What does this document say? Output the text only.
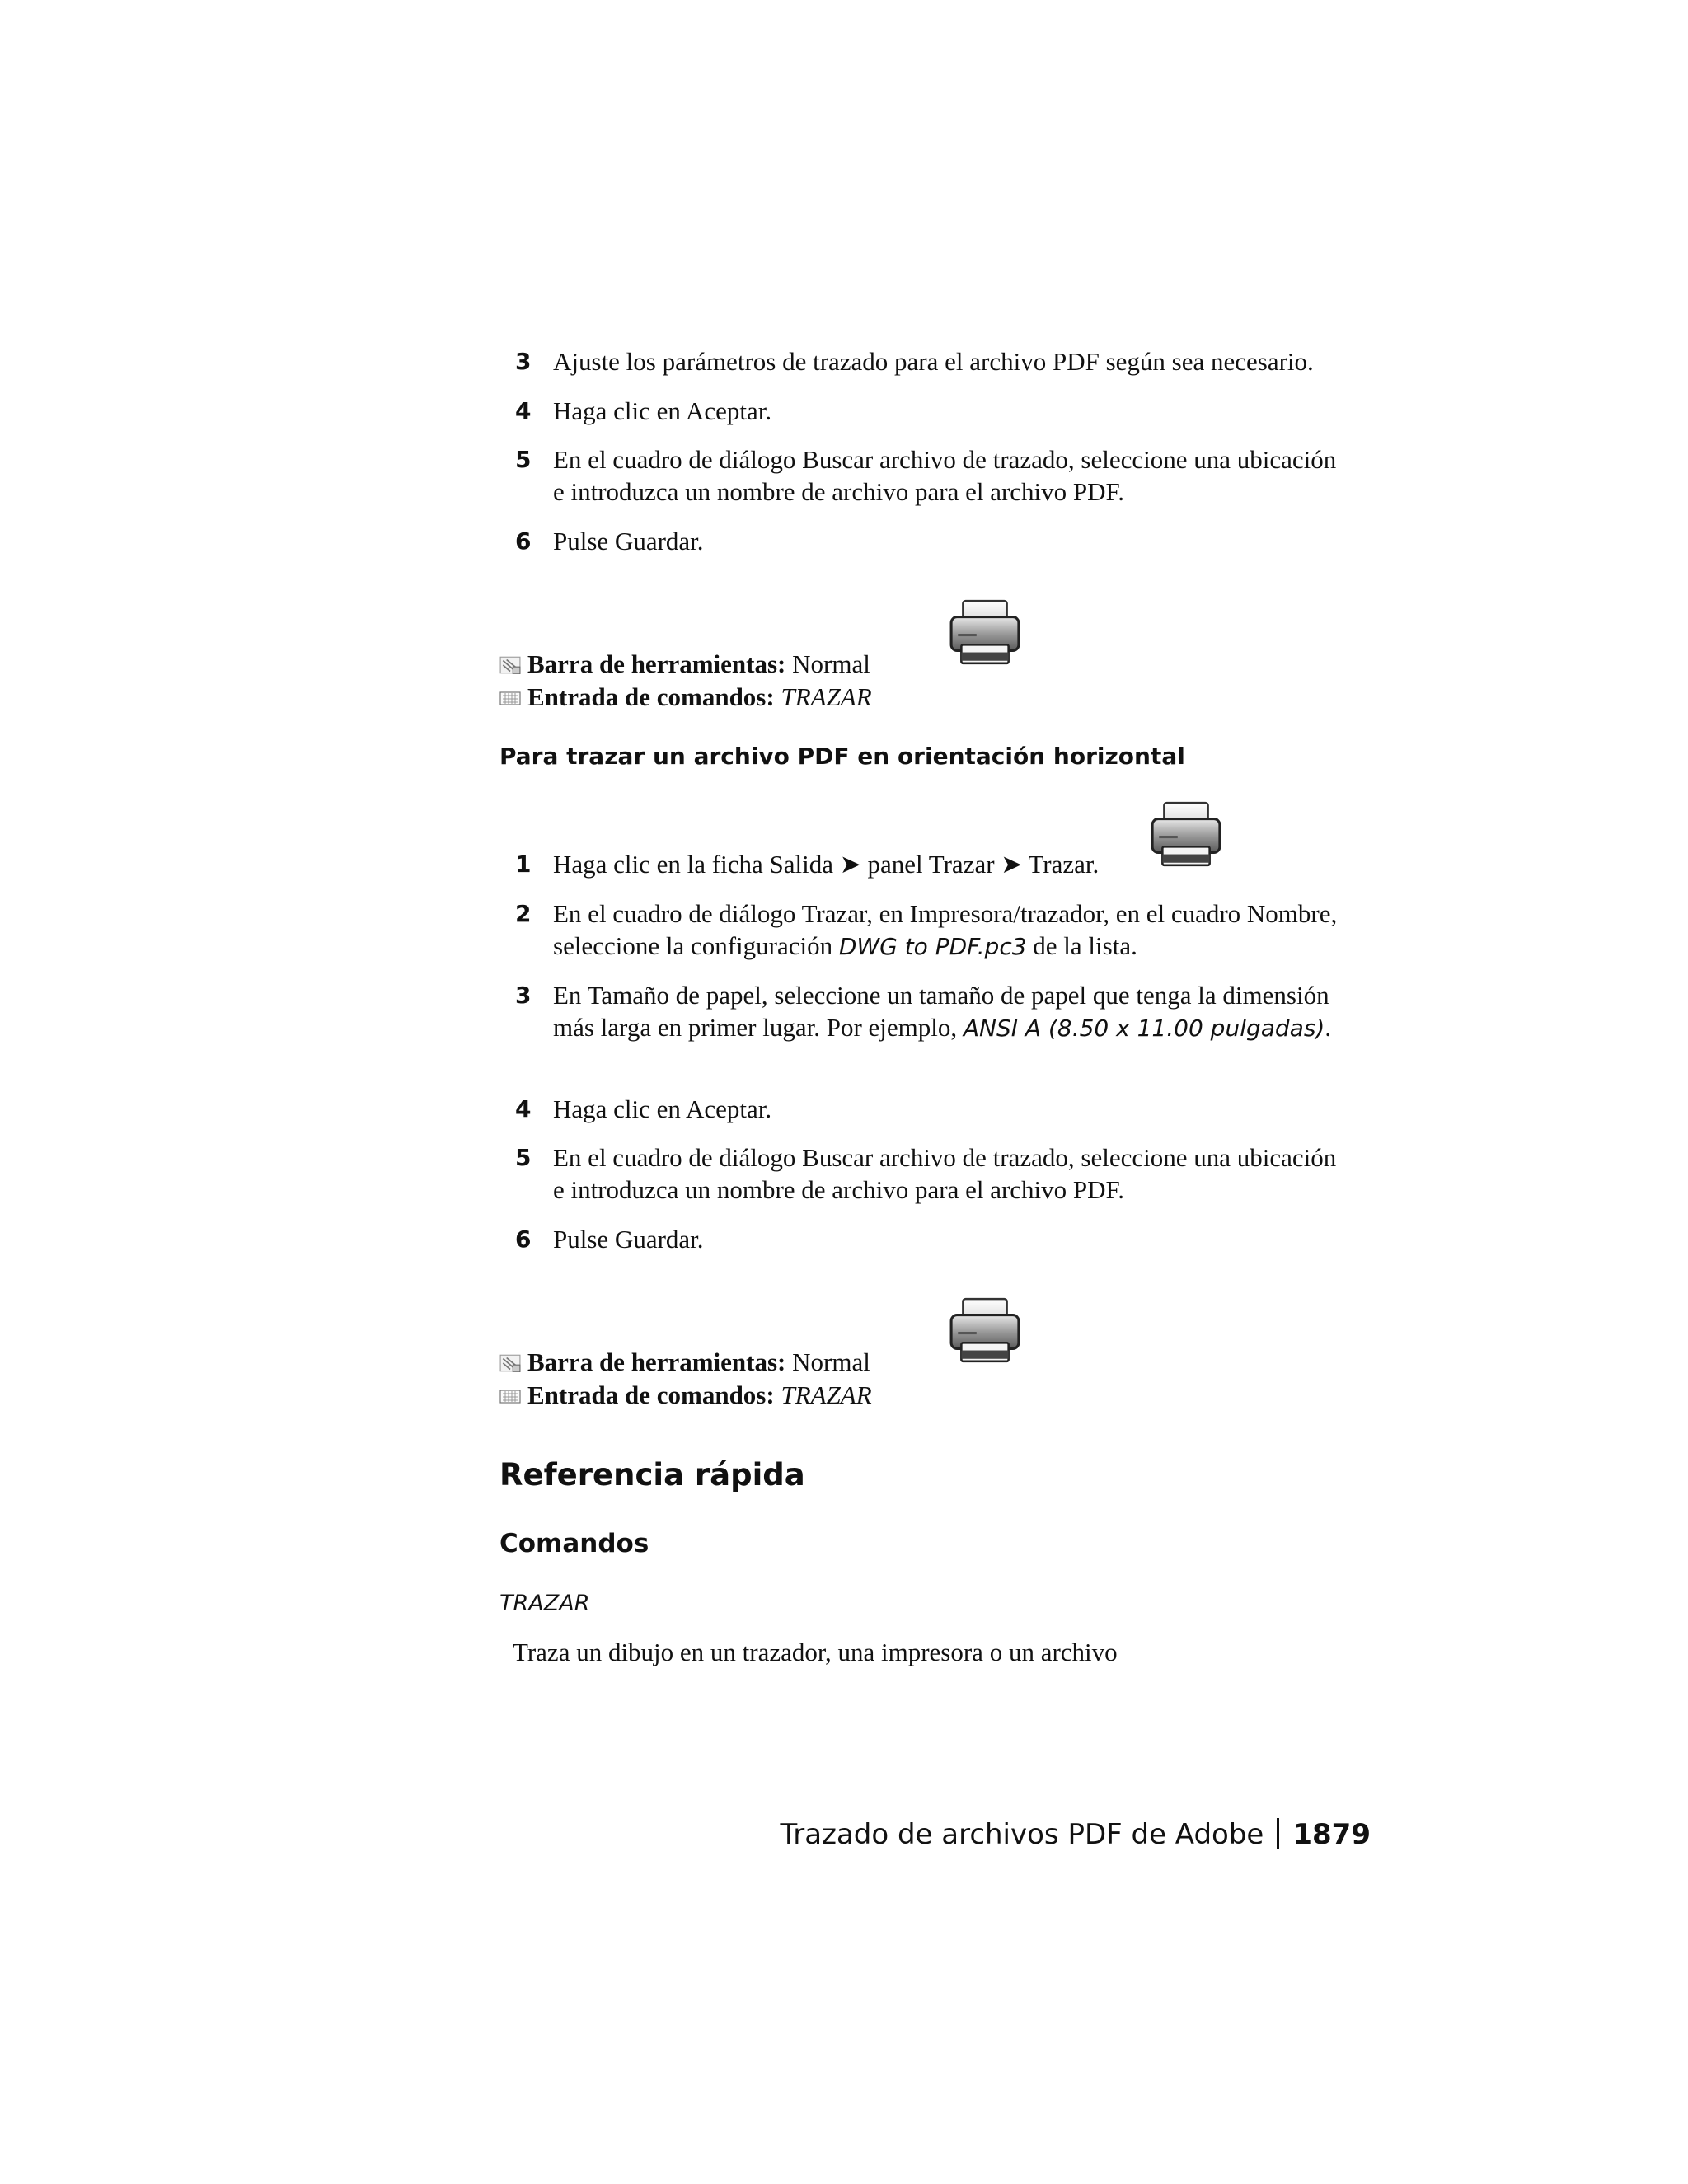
3 Ajuste los parámetros de trazado para el archivo PDF según sea necesario.
4 Haga clic en Aceptar.
5 En el cuadro de diálogo Buscar archivo de trazado, seleccione una ubicación e introduzca un nombre de archivo para el archivo PDF.
6 Pulse Guardar.
Barra de herramientas: Normal
Entrada de comandos: TRAZAR
Para trazar un archivo PDF en orientación horizontal
1 Haga clic en la ficha Salida ➤ panel Trazar ➤ Trazar.
2 En el cuadro de diálogo Trazar, en Impresora/trazador, en el cuadro Nombre, seleccione la configuración DWG to PDF.pc3 de la lista.
3 En Tamaño de papel, seleccione un tamaño de papel que tenga la dimensión más larga en primer lugar. Por ejemplo, ANSI A (8.50 x 11.00 pulgadas).
4 Haga clic en Aceptar.
5 En el cuadro de diálogo Buscar archivo de trazado, seleccione una ubicación e introduzca un nombre de archivo para el archivo PDF.
6 Pulse Guardar.
Barra de herramientas: Normal
Entrada de comandos: TRAZAR
Referencia rápida
Comandos
TRAZAR
Traza un dibujo en un trazador, una impresora o un archivo
Trazado de archivos PDF de Adobe 1879
